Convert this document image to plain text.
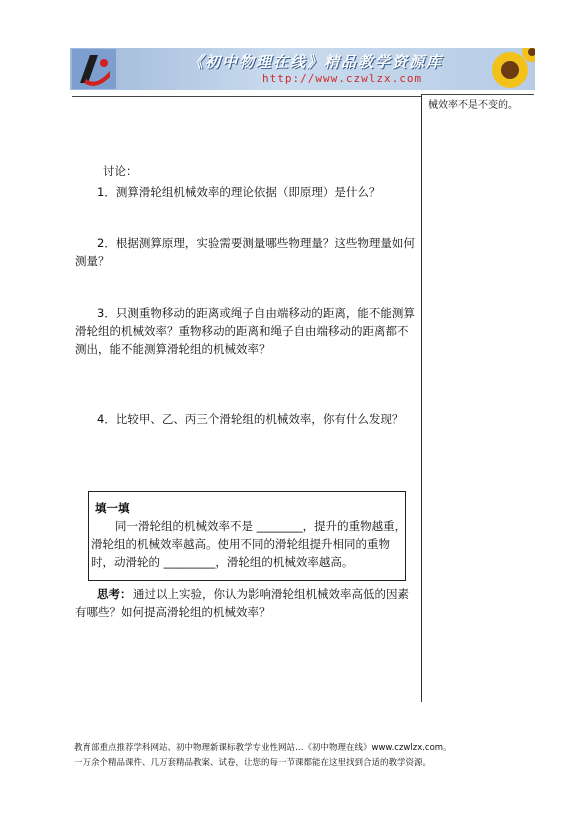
《初中物理在线》精品教学资源库
http://www.czwlzx.com
械效率不是不变的。
讨论：
1．测算滑轮组机械效率的理论依据（即原理）是什么？
2．根据测算原理，实验需要测量哪些物理量？这些物理量如何
测量？
3．只测重物移动的距离或绳子自由端移动的距离，能不能测算
滑轮组的机械效率？重物移动的距离和绳子自由端移动的距离都不
测出，能不能测算滑轮组的机械效率？
4．比较甲、乙、丙三个滑轮组的机械效率，你有什么发现？
填一填
同一滑轮组的机械效率不是 ________，提升的重物越重，
滑轮组的机械效率越高。使用不同的滑轮组提升相同的重物
时，动滑轮的 _________，滑轮组的机械效率越高。
思考： 通过以上实验，你认为影响滑轮组机械效率高低的因素
有哪些？如何提高滑轮组的机械效率？
教育部重点推荐学科网站、初中物理新课标教学专业性网站…《初中物理在线》www.czwlzx.com。
一万余个精品课件、几万套精品教案、试卷，让您的每一节课都能在这里找到合适的教学资源。
